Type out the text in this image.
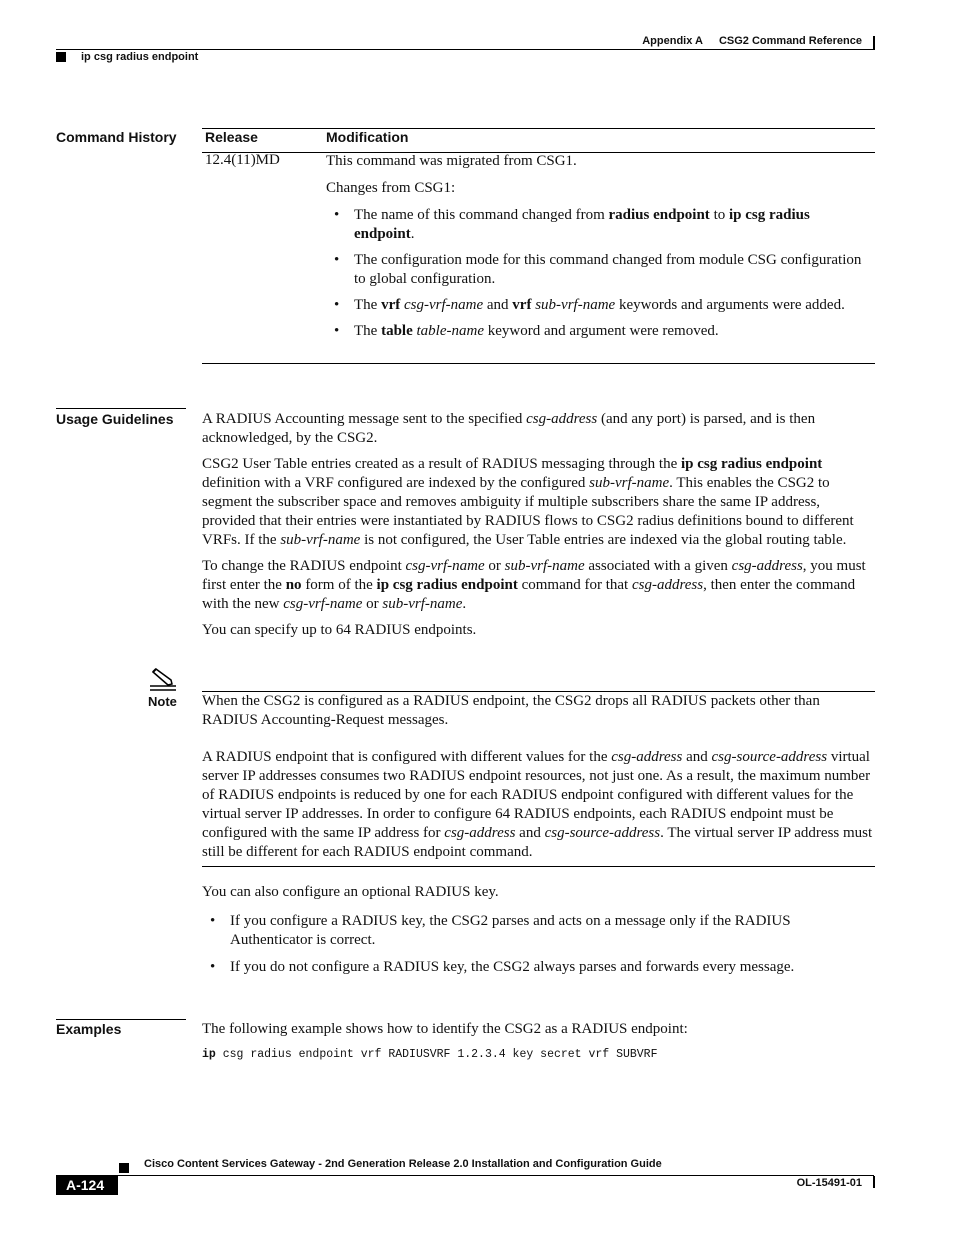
Appendix A CSG2 Command Reference
ip csg radius endpoint
Command History Release	Modification
12.4(11)MD	This command was migrated from CSG1.

Changes from CSG1:

• The name of this command changed from radius endpoint to ip csg radius endpoint.
• The configuration mode for this command changed from module CSG configuration to global configuration.
• The vrf csg-vrf-name and vrf sub-vrf-name keywords and arguments were added.
• The table table-name keyword and argument were removed.
Usage Guidelines A RADIUS Accounting message sent to the specified csg-address (and any port) is parsed, and is then acknowledged, by the CSG2.

CSG2 User Table entries created as a result of RADIUS messaging through the ip csg radius endpoint definition with a VRF configured are indexed by the configured sub-vrf-name. This enables the CSG2 to segment the subscriber space and removes ambiguity if multiple subscribers share the same IP address, provided that their entries were instantiated by RADIUS flows to CSG2 radius definitions bound to different VRFs. If the sub-vrf-name is not configured, the User Table entries are indexed via the global routing table.

To change the RADIUS endpoint csg-vrf-name or sub-vrf-name associated with a given csg-address, you must first enter the no form of the ip csg radius endpoint command for that csg-address, then enter the command with the new csg-vrf-name or sub-vrf-name.

You can specify up to 64 RADIUS endpoints.

Note When the CSG2 is configured as a RADIUS endpoint, the CSG2 drops all RADIUS packets other than RADIUS Accounting-Request messages.

A RADIUS endpoint that is configured with different values for the csg-address and csg-source-address virtual server IP addresses consumes two RADIUS endpoint resources, not just one. As a result, the maximum number of RADIUS endpoints is reduced by one for each RADIUS endpoint configured with different values for the virtual server IP addresses. In order to configure 64 RADIUS endpoints, each RADIUS endpoint must be configured with the same IP address for csg-address and csg-source-address. The virtual server IP address must still be different for each RADIUS endpoint command.

You can also configure an optional RADIUS key.

• If you configure a RADIUS key, the CSG2 parses and acts on a message only if the RADIUS Authenticator is correct.
• If you do not configure a RADIUS key, the CSG2 always parses and forwards every message.
Examples	The following example shows how to identify the CSG2 as a RADIUS endpoint:
ip csg radius endpoint vrf RADIUSVRF 1.2.3.4 key secret vrf SUBVRF
Cisco Content Services Gateway - 2nd Generation Release 2.0 Installation and Configuration Guide
A-124	OL-15491-01
